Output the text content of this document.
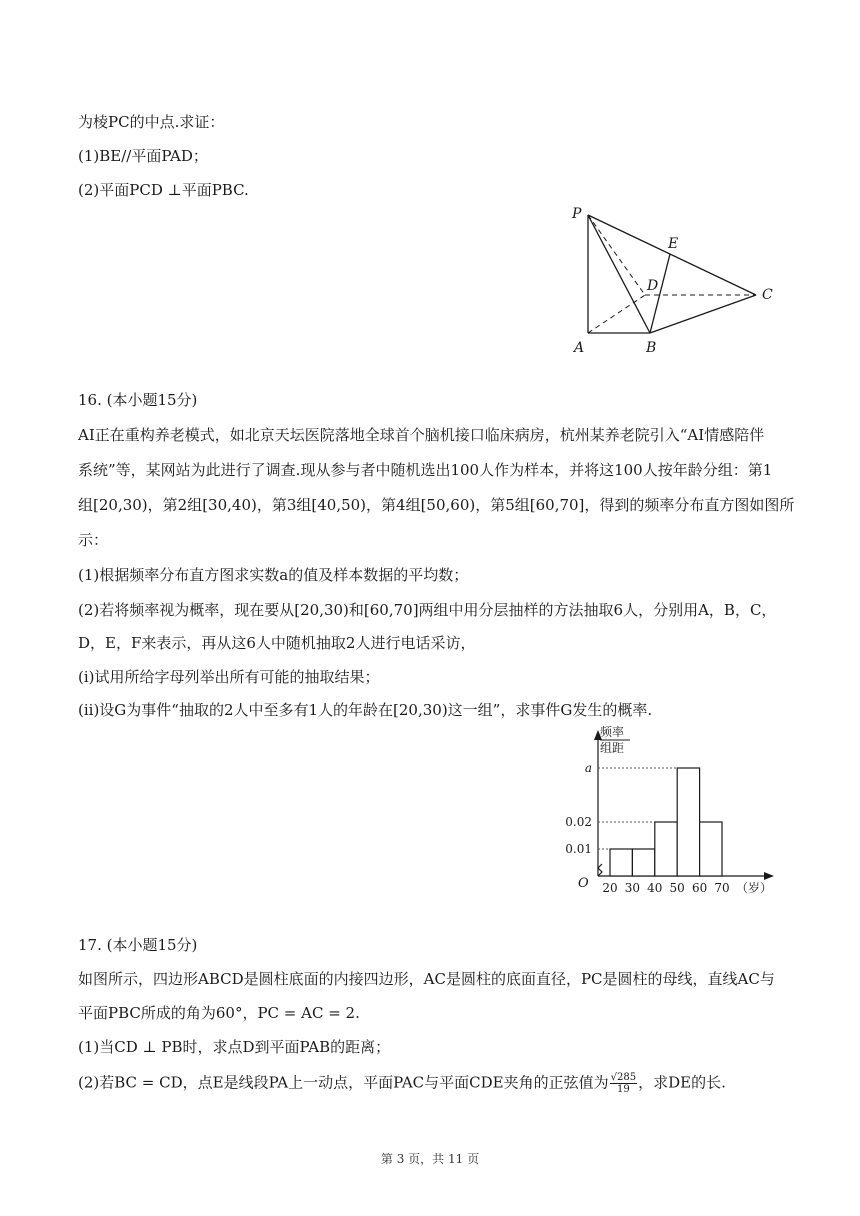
为棱PC的中点.求证：
(1)BE//平面PAD；
(2)平面PCD ⊥平面PBC.
P
E
D
C
A	B
16. (本小题15分)
AI正在重构养老模式，如北京天坛医院落地全球首个脑机接口临床病房，杭州某养老院引入“AI情感陪伴
系统”等，某网站为此进行了调查.现从参与者中随机选出100人作为样本，并将这100人按年龄分组：第1
组[20,30)，第2组[30,40)，第3组[40,50)，第4组[50,60)，第5组[60,70]，得到的频率分布直方图如图所
示：
(1)根据频率分布直方图求实数a的值及样本数据的平均数；
(2)若将频率视为概率，现在要从[20,30)和[60,70]两组中用分层抽样的方法抽取6人，分别用A，B，C，
D，E，F来表示，再从这6人中随机抽取2人进行电话采访，
(i)试用所给字母列举出所有可能的抽取结果；
(ii)设G为事件“抽取的2人中至多有1人的年龄在[20,30)这一组”，求事件G发生的概率.
0.01
0.02
a
20 30 40 50 60 70
频率
组距
O	（岁）
17. (本小题15分)
如图所示，四边形ABCD是圆柱底面的内接四边形，AC是圆柱的底面直径，PC是圆柱的母线，直线AC与
平面PBC所成的角为60°，PC = AC = 2.
(1)当CD ⊥ PB时，求点D到平面PAB的距离；
(2)若BC = CD，点E是线段PA上一动点，平面PAC与平面CDE夹角的正弦值为 $\frac{√285}{19}$ ，求DE的长.
第 3 页，共 11 页
